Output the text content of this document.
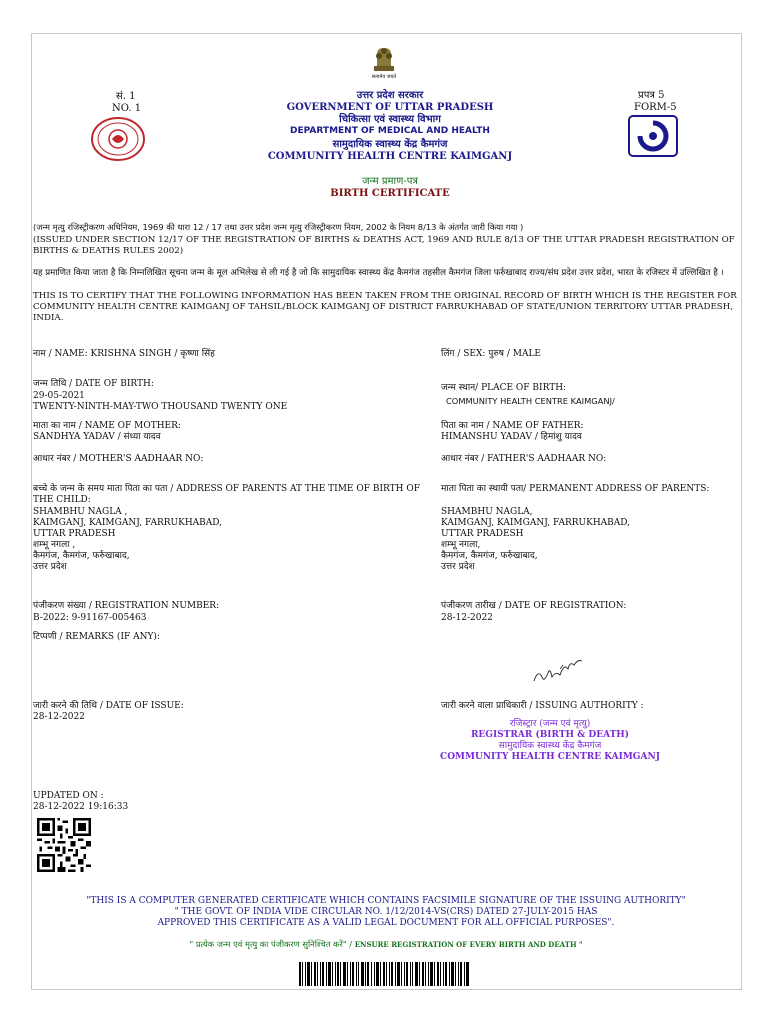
सत्यमेव जयते
सं. 1
NO. 1
प्रपत्र 5
FORM-5
उत्तर प्रदेश सरकार
GOVERNMENT OF UTTAR PRADESH
चिकित्सा एवं स्वास्थ्य विभाग
DEPARTMENT OF MEDICAL AND HEALTH
सामुदायिक स्वास्थ्य केंद्र कैमगंज
COMMUNITY HEALTH CENTRE KAIMGANJ
जन्म प्रमाण-पत्र
BIRTH CERTIFICATE
(जन्म मृत्यु रजिस्ट्रीकरण अधिनियम, 1969 की धारा 12 / 17 तथा उत्तर प्रदेश जन्म मृत्यु रजिस्ट्रीकरण नियम, 2002 के नियम 8/13 के अंतर्गत जारी किया गया )
(ISSUED UNDER SECTION 12/17 OF THE REGISTRATION OF BIRTHS & DEATHS ACT, 1969 AND RULE 8/13 OF THE UTTAR PRADESH REGISTRATION OF BIRTHS & DEATHS RULES 2002)
यह प्रमाणित किया जाता है कि निम्नलिखित सूचना जन्म के मूल अभिलेख से ली गई है जो कि सामुदायिक स्वास्थ्य केंद्र कैमगंज तहसील कैमगंज जिला फर्रुखाबाद राज्य/संघ प्रदेश उत्तर प्रदेश, भारत के रजिस्टर में उल्लिखित है ।
THIS IS TO CERTIFY THAT THE FOLLOWING INFORMATION HAS BEEN TAKEN FROM THE ORIGINAL RECORD OF BIRTH WHICH IS THE REGISTER FOR COMMUNITY HEALTH CENTRE KAIMGANJ OF TAHSIL/BLOCK KAIMGANJ OF DISTRICT FARRUKHABAD OF STATE/UNION TERRITORY UTTAR PRADESH, INDIA.
नाम / NAME: KRISHNA SINGH / कृष्णा सिंह	लिंग / SEX: पुरुष / MALE
जन्म तिथि / DATE OF BIRTH:
29-05-2021
TWENTY-NINTH-MAY-TWO THOUSAND TWENTY ONE
जन्म स्थान/ PLACE OF BIRTH:
COMMUNITY HEALTH CENTRE KAIMGANJ/
माता का नाम / NAME OF MOTHER:
SANDHYA YADAV / संध्या यादव
पिता का नाम / NAME OF FATHER:
HIMANSHU YADAV / हिमांशु यादव
आधार नंबर / MOTHER'S AADHAAR NO:	आधार नंबर / FATHER'S AADHAAR NO:
बच्चे के जन्म के समय माता पिता का पता / ADDRESS OF PARENTS AT THE TIME OF BIRTH OF THE CHILD:
SHAMBHU NAGLA ,
KAIMGANJ, KAIMGANJ, FARRUKHABAD,
UTTAR PRADESH
शम्भू नगला ,
कैमगंज, कैमगंज, फर्रुखाबाद,
उत्तर प्रदेश
माता पिता का स्थायी पता/ PERMANENT ADDRESS OF PARENTS:
SHAMBHU NAGLA,
KAIMGANJ, KAIMGANJ, FARRUKHABAD,
UTTAR PRADESH
शम्भू नगला,
कैमगंज, कैमगंज, फर्रुखाबाद,
उत्तर प्रदेश
पंजीकरण संख्या / REGISTRATION NUMBER:
B-2022: 9-91167-005463
पंजीकरण तारीख / DATE OF REGISTRATION:
28-12-2022
टिप्पणी / REMARKS (IF ANY):
जारी करने की तिथि / DATE OF ISSUE:
28-12-2022
जारी करने वाला प्राधिकारी / ISSUING AUTHORITY :
रजिस्ट्रार (जन्म एवं मृत्यु)
REGISTRAR (BIRTH & DEATH)
सामुदायिक स्वास्थ्य केंद्र कैमगंज
COMMUNITY HEALTH CENTRE KAIMGANJ
UPDATED ON :
28-12-2022 19:16:33
"THIS IS A COMPUTER GENERATED CERTIFICATE WHICH CONTAINS FACSIMILE SIGNATURE OF THE ISSUING AUTHORITY"
" THE GOVT. OF INDIA VIDE CIRCULAR NO. 1/12/2014-VS(CRS) DATED 27-JULY-2015 HAS
APPROVED THIS CERTIFICATE AS A VALID LEGAL DOCUMENT FOR ALL OFFICIAL PURPOSES".
" प्रत्येक जन्म एवं मृत्यु का पंजीकरण सुनिश्चित करें" / ENSURE REGISTRATION OF EVERY BIRTH AND DEATH "
